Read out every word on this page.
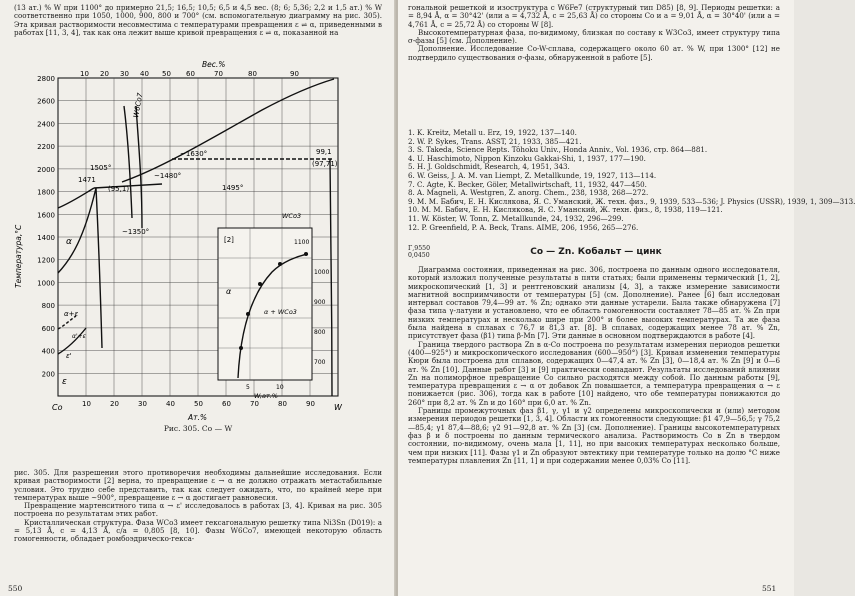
(13 ат.) % W при 1100° до примерно 21,5; 16,5; 10,5; 6,5 и 4,5 вес. (8; 6; 5,36; 2,2 и 1,5 ат.) % W соответственно при 1050, 1000, 900, 800 и 700° (см. вспомогательную диаграмму на рис. 305). Эта кривая растворимости несовместима с температурами превращения ε ⇌ α, приведенными в работах [11, 3, 4], так как она лежит выше кривой превращения ε ⇌ α, показанной на

Вес.%
10 20 30 40 50 60	70	80	90
2800
2600
2400
2200
2000
1800
1600
1400
1200
1000
800
600
400
200
Температура,°С
10	20	30	40	50	60	70	80	90
Co	W
Ат.%
[2]
α
α + WCo3
1100
1000
900
800
700
5	10
W,ат.%
W6Co7
~1630°
1505°
~1480°
1471
99,1
(97,71)
(95,1)	1495°
~1350°
α
α+ε
ε'
ε
α'+ε
WCo3
Рис. 305. Co — W

рис. 305. Для разрешения этого противоречия необходимы дальнейшие исследования. Если кривая растворимости [2] верна, то превращение ε → α не должно отражать метастабильные условия. Это трудно себе представить, так как следует ожидать, что, по крайней мере при температурах выше ~900°, превращение ε → α достигает равновесия.

Превращение мартенситного типа α → ε' исследовалось в работах [3, 4]. Кривая на рис. 305 построена по результатам этих работ.

Кристаллическая структура. Фаза WCo3 имеет гексагональную решетку типа Ni3Sn (D019): a = 5,13 Å, c = 4,13 Å, c/a = 0,805 [8, 10]. Фазы W6Co7, имеющей некоторую область гомогенности, обладает ромбоэдрическо-гекса-

550

гональной решеткой и изоструктура с W6Fe7 (структурный тип D85) [8, 9]. Периоды решетки: a = 8,94 Å, α = 30°42' (или a = 4,732 Å, c = 25,63 Å) со стороны Co и a = 9,01 Å, α = 30°40' (или a = 4,761 Å, c = 25,72 Å) со стороны W [8].

Высокотемпературная фаза, по-видимому, близкая по составу к W3Co3, имеет структуру типа σ-фазы [5] (см. Дополнение).

Дополнение. Исследование Co-W-сплава, содержащего около 60 ат. % W, при 1300° [12] не подтвердило существования σ-фазы, обнаруженной в работе [5].

1. K. Kreitz, Metall u. Erz, 19, 1922, 137—140.
2. W. P. Sykes, Trans. ASST, 21, 1933, 385—421.
3. S. Takeda, Science Repts. Tôhoku Univ., Honda Anniv., Vol. 1936, стр. 864—881.
4. U. Haschimoto, Nippon Kinzoku Gakkai-Shi, 1, 1937, 177—190.
5. H. J. Goldschmidt, Research, 4, 1951, 343.
6. W. Geiss, J. A. M. van Liempt, Z. Metallkunde, 19, 1927, 113—114.
7. C. Agte, K. Becker, Göler, Metallwirtschaft, 11, 1932, 447—450.
8. A. Magneli, A. Westgren, Z. anorg. Chem., 238, 1938, 268—272.
9. М. М. Бабич, Е. Н. Кислякова, Я. С. Уманский, Ж. техн. физ., 9, 1939, 533—536; J. Physics (USSR), 1939, 1, 309—313.
10. М. М. Бабич, Е. Н. Кислякова, Я. С. Уманский, Ж. техн. физ., 8, 1938, 119—121.
11. W. Köster, W. Tonn, Z. Metallkunde, 24, 1932, 296—299.
12. P. Greenfield, P. A. Beck, Trans. AIME, 206, 1956, 265—276.
Γ,9550
0,0450	Co — Zn. Кобальт — цинк

Диаграмма состояния, приведенная на рис. 306, построена по данным одного исследователя, который изложил полученные результаты в пяти статьях; были применены термический [1, 2], микроскопический [1, 3] и рентгеновский анализы [4, 3], а также измерение зависимости магнитной восприимчивости от температуры [5] (см. Дополнение). Ранее [6] был исследован интервал составов 79,4—99 ат. % Zn; однако эти данные устарели. Была также обнаружена [7] фаза типа γ-латуни и установлено, что ее область гомогенности составляет 78—85 ат. % Zn при низких температурах и несколько шире при 200° и более высоких температурах. Та же фаза была найдена в сплавах с 76,7 и 81,3 ат. [8]. В сплавах, содержащих менее 78 ат. % Zn, присутствует фаза (β1) типа β-Mn [7]. Эти данные в основном подтверждаются в работе [4].

Граница твердого раствора Zn в α-Co построена по результатам измерения периодов решетки (400—925°) и микроскопического исследования (600—950°) [3]. Кривая изменения температуры Кюри была построена для сплавов, содержащих 0—47,4 ат. % Zn [3], 0—18,4 ат. % Zn [9] и 0—6 ат. % Zn [10]. Данные работ [3] и [9] практически совпадают. Результаты исследований влияния Zn на полиморфное превращение Co сильно расходятся между собой. По данным работы [9], температура превращения ε → α от добавок Zn повышается, а температура превращения α → ε понижается (рис. 306), тогда как в работе [10] найдено, что обе температуры понижаются до 260° при 8,2 ат. % Zn и до 160° при 6,0 ат. % Zn.

Границы промежуточных фаз β1, γ, γ1 и γ2 определены микроскопически и (или) методом измерения периодов решетки [1, 3, 4]. Области их гомогенности следующие: β1 47,9—56,5; γ 75,2—85,4; γ1 87,4—88,6; γ2 91—92,8 ат. % Zn [3] (см. Дополнение). Границы высокотемпературных фаз β и δ построены по данным термического анализа. Растворимость Co в Zn в твердом состоянии, по-видимому, очень мала [1, 11], но при высоких температурах несколько больше, чем при низких [11]. Фазы γ1 и Zn образуют эвтектику при температуре только на долю °C ниже температуры плавления Zn [11, 1] и при содержании менее 0,03% Co [11].

551
